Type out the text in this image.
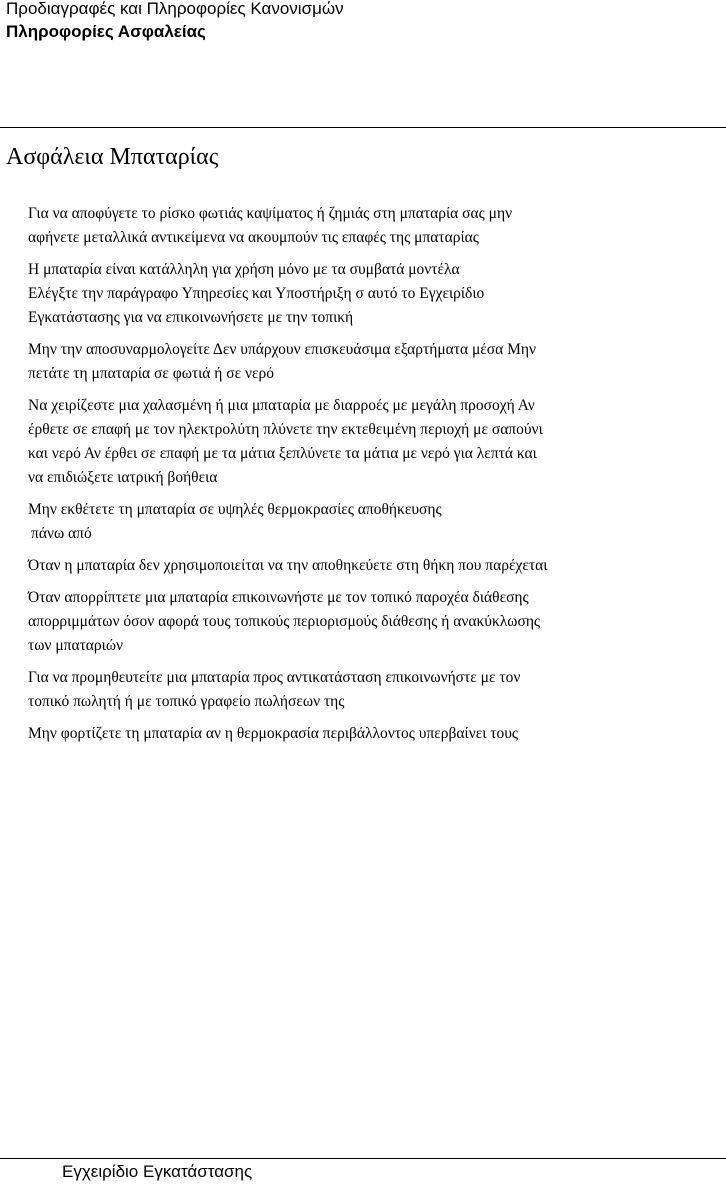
Προδιαγραφές και Πληροφορίες Κανονισμών
Πληροφορίες Ασφαλείας
Ασφάλεια Μπαταρίας

Για να αποφύγετε το ρίσκο φωτιάς καψίματος ή ζημιάς στη μπαταρία σας μην
αφήνετε μεταλλικά αντικείμενα να ακουμπούν τις επαφές της μπαταρίας

Η μπαταρία είναι κατάλληλη για χρήση μόνο με τα συμβατά μοντέλα
Ελέγξτε την παράγραφο Υπηρεσίες και Υποστήριξη σ αυτό το Εγχειρίδιο
Εγκατάστασης για να επικοινωνήσετε με την τοπική

Μην την αποσυναρμολογείτε Δεν υπάρχουν επισκευάσιμα εξαρτήματα μέσα Μην
πετάτε τη μπαταρία σε φωτιά ή σε νερό

Να χειρίζεστε μια χαλασμένη ή μια μπαταρία με διαρροές με μεγάλη προσοχή Αν
έρθετε σε επαφή με τον ηλεκτρολύτη πλύνετε την εκτεθειμένη περιοχή με σαπούνι
και νερό Αν έρθει σε επαφή με τα μάτια ξεπλύνετε τα μάτια με νερό για λεπτά και
να επιδιώξετε ιατρική βοήθεια

Μην εκθέτετε τη μπαταρία σε υψηλές θερμοκρασίες αποθήκευσης
πάνω από

Όταν η μπαταρία δεν χρησιμοποιείται να την αποθηκεύετε στη θήκη που παρέχεται

Όταν απορρίπτετε μια μπαταρία επικοινωνήστε με τον τοπικό παροχέα διάθεσης
απορριμμάτων όσον αφορά τους τοπικούς περιορισμούς διάθεσης ή ανακύκλωσης
των μπαταριών

Για να προμηθευτείτε μια μπαταρία προς αντικατάσταση επικοινωνήστε με τον
τοπικό πωλητή ή με τοπικό γραφείο πωλήσεων της

Μην φορτίζετε τη μπαταρία αν η θερμοκρασία περιβάλλοντος υπερβαίνει τους

Εγχειρίδιο Εγκατάστασης
